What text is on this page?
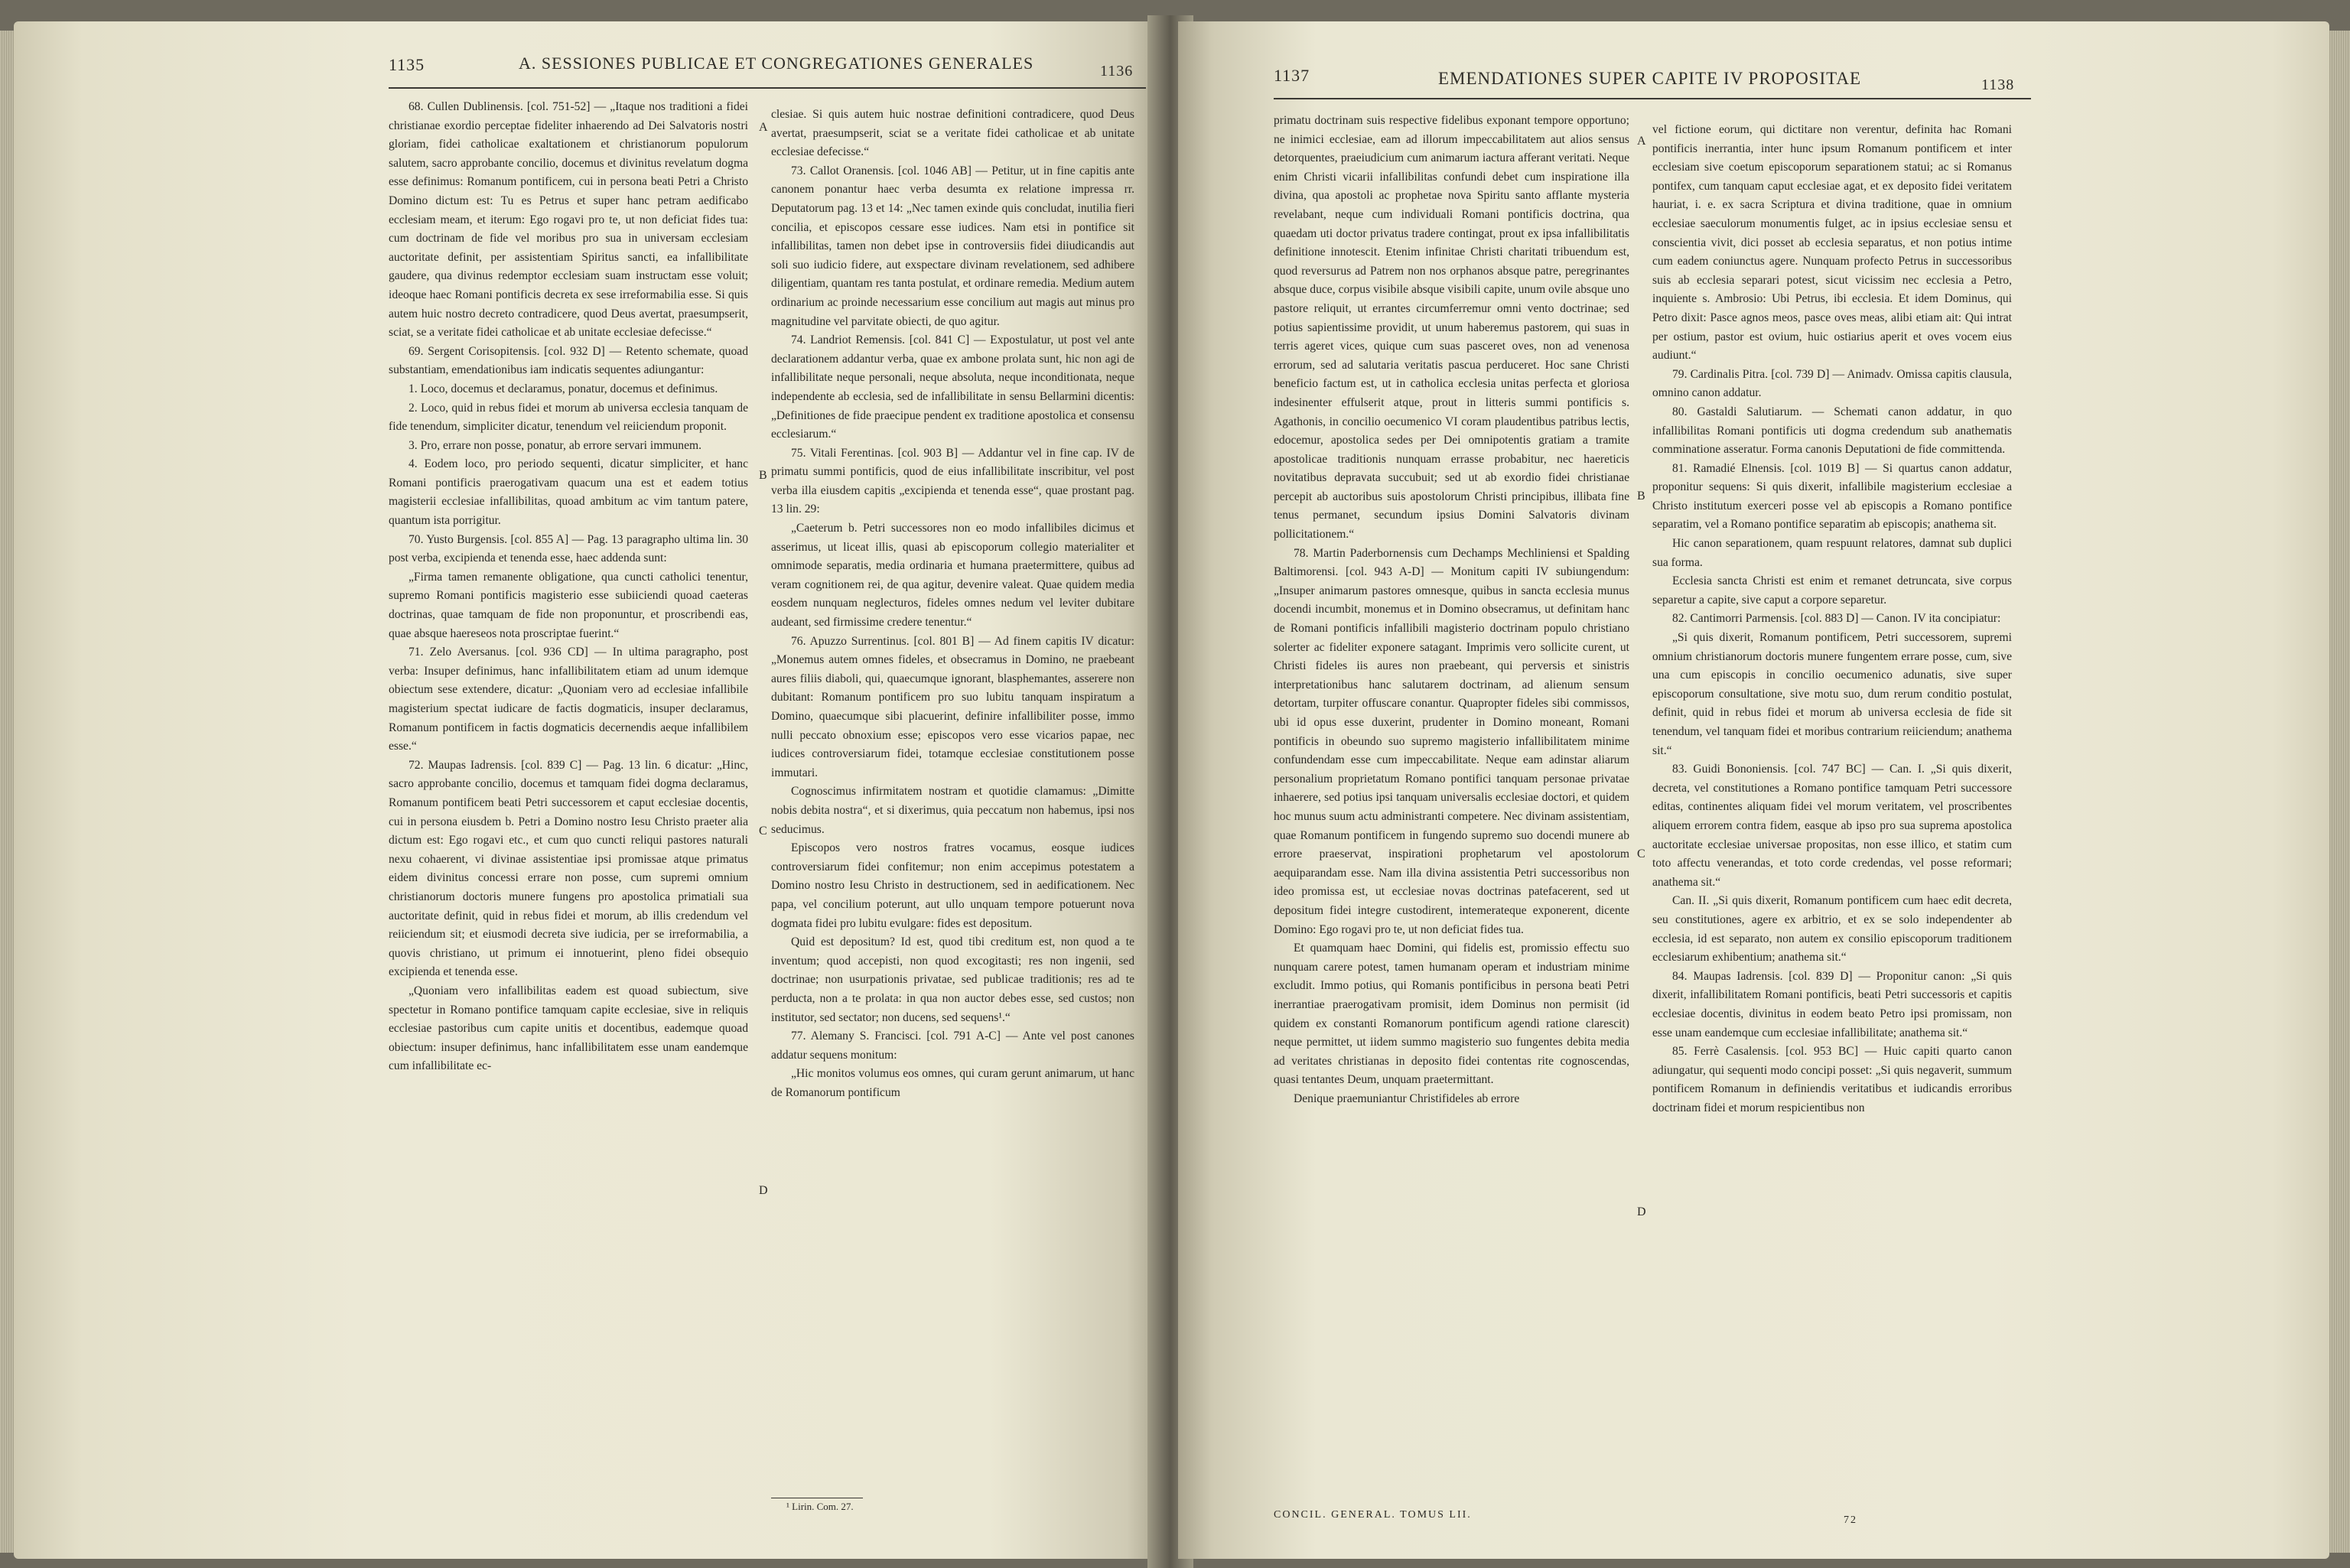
1135	A. SESSIONES PUBLICAE ET CONGREGATIONES GENERALES	1136

68. Cullen Dublinensis. [col. 751-52] — „Itaque nos traditioni a fidei christianae exordio perceptae fideliter inhaerendo ad Dei Salvatoris nostri gloriam, fidei catholicae exaltationem et christianorum populorum salutem, sacro approbante concilio, docemus et divinitus revelatum dogma esse definimus: Romanum pontificem, cui in persona beati Petri a Christo Domino dictum est: Tu es Petrus et super hanc petram aedificabo ecclesiam meam, et iterum: Ego rogavi pro te, ut non deficiat fides tua: cum doctrinam de fide vel moribus pro sua in universam ecclesiam auctoritate definit, per assistentiam Spiritus sancti, ea infallibilitate gaudere, qua divinus redemptor ecclesiam suam instructam esse voluit; ideoque haec Romani pontificis decreta ex sese irreformabilia esse. Si quis autem huic nostro decreto contradicere, quod Deus avertat, praesumpserit, sciat, se a veritate fidei catholicae et ab unitate ecclesiae defecisse.“

69. Sergent Corisopitensis. [col. 932 D] — Retento schemate, quoad substantiam, emendationibus iam indicatis sequentes adiungantur:

1. Loco, docemus et declaramus, ponatur, docemus et definimus.

2. Loco, quid in rebus fidei et morum ab universa ecclesia tanquam de fide tenendum, simpliciter dicatur, tenendum vel reiiciendum proponit.

3. Pro, errare non posse, ponatur, ab errore servari immunem.

4. Eodem loco, pro periodo sequenti, dicatur simpliciter, et hanc Romani pontificis praerogativam quacum una est et eadem totius magisterii ecclesiae infallibilitas, quoad ambitum ac vim tantum patere, quantum ista porrigitur.

70. Yusto Burgensis. [col. 855 A] — Pag. 13 paragrapho ultima lin. 30 post verba, excipienda et tenenda esse, haec addenda sunt:

„Firma tamen remanente obligatione, qua cuncti catholici tenentur, supremo Romani pontificis magisterio esse subiiciendi quoad caeteras doctrinas, quae tamquam de fide non proponuntur, et proscribendi eas, quae absque haereseos nota proscriptae fuerint.“

71. Zelo Aversanus. [col. 936 CD] — In ultima paragrapho, post verba: Insuper definimus, hanc infallibilitatem etiam ad unum idemque obiectum sese extendere, dicatur: „Quoniam vero ad ecclesiae infallibile magisterium spectat iudicare de factis dogmaticis, insuper declaramus, Romanum pontificem in factis dogmaticis decernendis aeque infallibilem esse.“

72. Maupas Iadrensis. [col. 839 C] — Pag. 13 lin. 6 dicatur: „Hinc, sacro approbante concilio, docemus et tamquam fidei dogma declaramus, Romanum pontificem beati Petri successorem et caput ecclesiae docentis, cui in persona eiusdem b. Petri a Domino nostro Iesu Christo praeter alia dictum est: Ego rogavi etc., et cum quo cuncti reliqui pastores naturali nexu cohaerent, vi divinae assistentiae ipsi promissae atque primatus eidem divinitus concessi errare non posse, cum supremi omnium christianorum doctoris munere fungens pro apostolica primatiali sua auctoritate definit, quid in rebus fidei et morum, ab illis credendum vel reiiciendum sit; et eiusmodi decreta sive iudicia, per se irreformabilia, a quovis christiano, ut primum ei innotuerint, pleno fidei obsequio excipienda et tenenda esse.

„Quoniam vero infallibilitas eadem est quoad subiectum, sive spectetur in Romano pontifice tamquam capite ecclesiae, sive in reliquis ecclesiae pastoribus cum capite unitis et docentibus, eademque quoad obiectum: insuper definimus, hanc infallibilitatem esse unam eandemque cum infallibilitate ec-

A
B
C
D

clesiae. Si quis autem huic nostrae definitioni contradicere, quod Deus avertat, praesumpserit, sciat se a veritate fidei catholicae et ab unitate ecclesiae defecisse.“

73. Callot Oranensis. [col. 1046 AB] — Petitur, ut in fine capitis ante canonem ponantur haec verba desumta ex relatione impressa rr. Deputatorum pag. 13 et 14: „Nec tamen exinde quis concludat, inutilia fieri concilia, et episcopos cessare esse iudices. Nam etsi in pontifice sit infallibilitas, tamen non debet ipse in controversiis fidei diiudicandis aut soli suo iudicio fidere, aut exspectare divinam revelationem, sed adhibere diligentiam, quantam res tanta postulat, et ordinare remedia. Medium autem ordinarium ac proinde necessarium esse concilium aut magis aut minus pro magnitudine vel parvitate obiecti, de quo agitur.

74. Landriot Remensis. [col. 841 C] — Expostulatur, ut post vel ante declarationem addantur verba, quae ex ambone prolata sunt, hic non agi de infallibilitate neque personali, neque absoluta, neque inconditionata, neque independente ab ecclesia, sed de infallibilitate in sensu Bellarmini dicentis: „Definitiones de fide praecipue pendent ex traditione apostolica et consensu ecclesiarum.“

75. Vitali Ferentinas. [col. 903 B] — Addantur vel in fine cap. IV de primatu summi pontificis, quod de eius infallibilitate inscribitur, vel post verba illa eiusdem capitis „excipienda et tenenda esse“, quae prostant pag. 13 lin. 29:

„Caeterum b. Petri successores non eo modo infallibiles dicimus et asserimus, ut liceat illis, quasi ab episcoporum collegio materialiter et omnimode separatis, media ordinaria et humana praetermittere, quibus ad veram cognitionem rei, de qua agitur, devenire valeat. Quae quidem media eosdem nunquam neglecturos, fideles omnes nedum vel leviter dubitare audeant, sed firmissime credere tenentur.“

76. Apuzzo Surrentinus. [col. 801 B] — Ad finem capitis IV dicatur: „Monemus autem omnes fideles, et obsecramus in Domino, ne praebeant aures filiis diaboli, qui, quaecumque ignorant, blasphemantes, asserere non dubitant: Romanum pontificem pro suo lubitu tanquam inspiratum a Domino, quaecumque sibi placuerint, definire infallibiliter posse, immo nulli peccato obnoxium esse; episcopos vero esse vicarios papae, nec iudices controversiarum fidei, totamque ecclesiae constitutionem posse immutari.

Cognoscimus infirmitatem nostram et quotidie clamamus: „Dimitte nobis debita nostra“, et si dixerimus, quia peccatum non habemus, ipsi nos seducimus.

Episcopos vero nostros fratres vocamus, eosque iudices controversiarum fidei confitemur; non enim accepimus potestatem a Domino nostro Iesu Christo in destructionem, sed in aedificationem. Nec papa, vel concilium poterunt, aut ullo unquam tempore potuerunt nova dogmata fidei pro lubitu evulgare: fides est depositum.

Quid est depositum? Id est, quod tibi creditum est, non quod a te inventum; quod accepisti, non quod excogitasti; res non ingenii, sed doctrinae; non usurpationis privatae, sed publicae traditionis; res ad te perducta, non a te prolata: in qua non auctor debes esse, sed custos; non institutor, sed sectator; non ducens, sed sequens¹.“

77. Alemany S. Francisci. [col. 791 A-C] — Ante vel post canones addatur sequens monitum:

„Hic monitos volumus eos omnes, qui curam gerunt animarum, ut hanc de Romanorum pontificum

¹ Lirin. Com. 27.
1137	EMENDATIONES SUPER CAPITE IV PROPOSITAE	1138

primatu doctrinam suis respective fidelibus exponant tempore opportuno; ne inimici ecclesiae, eam ad illorum impeccabilitatem aut alios sensus detorquentes, praeiudicium cum animarum iactura afferant veritati. Neque enim Christi vicarii infallibilitas confundi debet cum inspiratione illa divina, qua apostoli ac prophetae nova Spiritu santo afflante mysteria revelabant, neque cum individuali Romani pontificis doctrina, qua quaedam uti doctor privatus tradere contingat, prout ex ipsa infallibilitatis definitione innotescit. Etenim infinitae Christi charitati tribuendum est, quod reversurus ad Patrem non nos orphanos absque patre, peregrinantes absque duce, corpus visibile absque visibili capite, unum ovile absque uno pastore reliquit, ut errantes circumferremur omni vento doctrinae; sed potius sapientissime providit, ut unum haberemus pastorem, qui suas in terris ageret vices, quique cum suas pasceret oves, non ad venenosa errorum, sed ad salutaria veritatis pascua perduceret. Hoc sane Christi beneficio factum est, ut in catholica ecclesia unitas perfecta et gloriosa indesinenter effulserit atque, prout in litteris summi pontificis s. Agathonis, in concilio oecumenico VI coram plaudentibus patribus lectis, edocemur, apostolica sedes per Dei omnipotentis gratiam a tramite apostolicae traditionis nunquam errasse probabitur, nec haereticis novitatibus depravata succubuit; sed ut ab exordio fidei christianae percepit ab auctoribus suis apostolorum Christi principibus, illibata fine tenus permanet, secundum ipsius Domini Salvatoris divinam pollicitationem.“

78. Martin Paderbornensis cum Dechamps Mechliniensi et Spalding Baltimorensi. [col. 943 A-D] — Monitum capiti IV subiungendum: „Insuper animarum pastores omnesque, quibus in sancta ecclesia munus docendi incumbit, monemus et in Domino obsecramus, ut definitam hanc de Romani pontificis infallibili magisterio doctrinam populo christiano solerter ac fideliter exponere satagant. Imprimis vero sollicite curent, ut Christi fideles iis aures non praebeant, qui perversis et sinistris interpretationibus hanc salutarem doctrinam, ad alienum sensum detortam, turpiter offuscare conantur. Quapropter fideles sibi commissos, ubi id opus esse duxerint, prudenter in Domino moneant, Romani pontificis in obeundo suo supremo magisterio infallibilitatem minime confundendam esse cum impeccabilitate. Neque eam adinstar aliarum personalium proprietatum Romano pontifici tanquam personae privatae inhaerere, sed potius ipsi tanquam universalis ecclesiae doctori, et quidem hoc munus suum actu administranti competere. Nec divinam assistentiam, quae Romanum pontificem in fungendo supremo suo docendi munere ab errore praeservat, inspirationi prophetarum vel apostolorum aequiparandam esse. Nam illa divina assistentia Petri successoribus non ideo promissa est, ut ecclesiae novas doctrinas patefacerent, sed ut depositum fidei integre custodirent, intemerateque exponerent, dicente Domino: Ego rogavi pro te, ut non deficiat fides tua.

Et quamquam haec Domini, qui fidelis est, promissio effectu suo nunquam carere potest, tamen humanam operam et industriam minime excludit. Immo potius, qui Romanis pontificibus in persona beati Petri inerrantiae praerogativam promisit, idem Dominus non permisit (id quidem ex constanti Romanorum pontificum agendi ratione clarescit) neque permittet, ut iidem summo magisterio suo fungentes debita media ad veritates christianas in deposito fidei contentas rite cognoscendas, quasi tentantes Deum, unquam praetermittant.

Denique praemuniantur Christifideles ab errore

A
B
C
D

vel fictione eorum, qui dictitare non verentur, definita hac Romani pontificis inerrantia, inter hunc ipsum Romanum pontificem et inter ecclesiam sive coetum episcoporum separationem statui; ac si Romanus pontifex, cum tanquam caput ecclesiae agat, et ex deposito fidei veritatem hauriat, i. e. ex sacra Scriptura et divina traditione, quae in omnium ecclesiae saeculorum monumentis fulget, ac in ipsius ecclesiae sensu et conscientia vivit, dici posset ab ecclesia separatus, et non potius intime cum eadem coniunctus agere. Nunquam profecto Petrus in successoribus suis ab ecclesia separari potest, sicut vicissim nec ecclesia a Petro, inquiente s. Ambrosio: Ubi Petrus, ibi ecclesia. Et idem Dominus, qui Petro dixit: Pasce agnos meos, pasce oves meas, alibi etiam ait: Qui intrat per ostium, pastor est ovium, huic ostiarius aperit et oves vocem eius audiunt.“

79. Cardinalis Pitra. [col. 739 D] — Animadv. Omissa capitis clausula, omnino canon addatur.

80. Gastaldi Salutiarum. — Schemati canon addatur, in quo infallibilitas Romani pontificis uti dogma credendum sub anathematis comminatione asseratur. Forma canonis Deputationi de fide committenda.

81. Ramadié Elnensis. [col. 1019 B] — Si quartus canon addatur, proponitur sequens: Si quis dixerit, infallibile magisterium ecclesiae a Christo institutum exerceri posse vel ab episcopis a Romano pontifice separatim, vel a Romano pontifice separatim ab episcopis; anathema sit.

Hic canon separationem, quam respuunt relatores, damnat sub duplici sua forma.

Ecclesia sancta Christi est enim et remanet detruncata, sive corpus separetur a capite, sive caput a corpore separetur.

82. Cantimorri Parmensis. [col. 883 D] — Canon. IV ita concipiatur:

„Si quis dixerit, Romanum pontificem, Petri successorem, supremi omnium christianorum doctoris munere fungentem errare posse, cum, sive una cum episcopis in concilio oecumenico adunatis, sive super episcoporum consultatione, sive motu suo, dum rerum conditio postulat, definit, quid in rebus fidei et morum ab universa ecclesia de fide sit tenendum, vel tanquam fidei et moribus contrarium reiiciendum; anathema sit.“

83. Guidi Bononiensis. [col. 747 BC] — Can. I. „Si quis dixerit, decreta, vel constitutiones a Romano pontifice tamquam Petri successore editas, continentes aliquam fidei vel morum veritatem, vel proscribentes aliquem errorem contra fidem, easque ab ipso pro sua suprema apostolica auctoritate ecclesiae universae propositas, non esse illico, et statim cum toto affectu venerandas, et toto corde credendas, vel posse reformari; anathema sit.“

Can. II. „Si quis dixerit, Romanum pontificem cum haec edit decreta, seu constitutiones, agere ex arbitrio, et ex se solo independenter ab ecclesia, id est separato, non autem ex consilio episcoporum traditionem ecclesiarum exhibentium; anathema sit.“

84. Maupas Iadrensis. [col. 839 D] — Proponitur canon: „Si quis dixerit, infallibilitatem Romani pontificis, beati Petri successoris et capitis ecclesiae docentis, divinitus in eodem beato Petro ipsi promissam, non esse unam eandemque cum ecclesiae infallibilitate; anathema sit.“

85. Ferrè Casalensis. [col. 953 BC] — Huic capiti quarto canon adiungatur, qui sequenti modo concipi posset: „Si quis negaverit, summum pontificem Romanum in definiendis veritatibus et iudicandis erroribus doctrinam fidei et morum respicientibus non

CONCIL. GENERAL. TOMUS LII.	72
